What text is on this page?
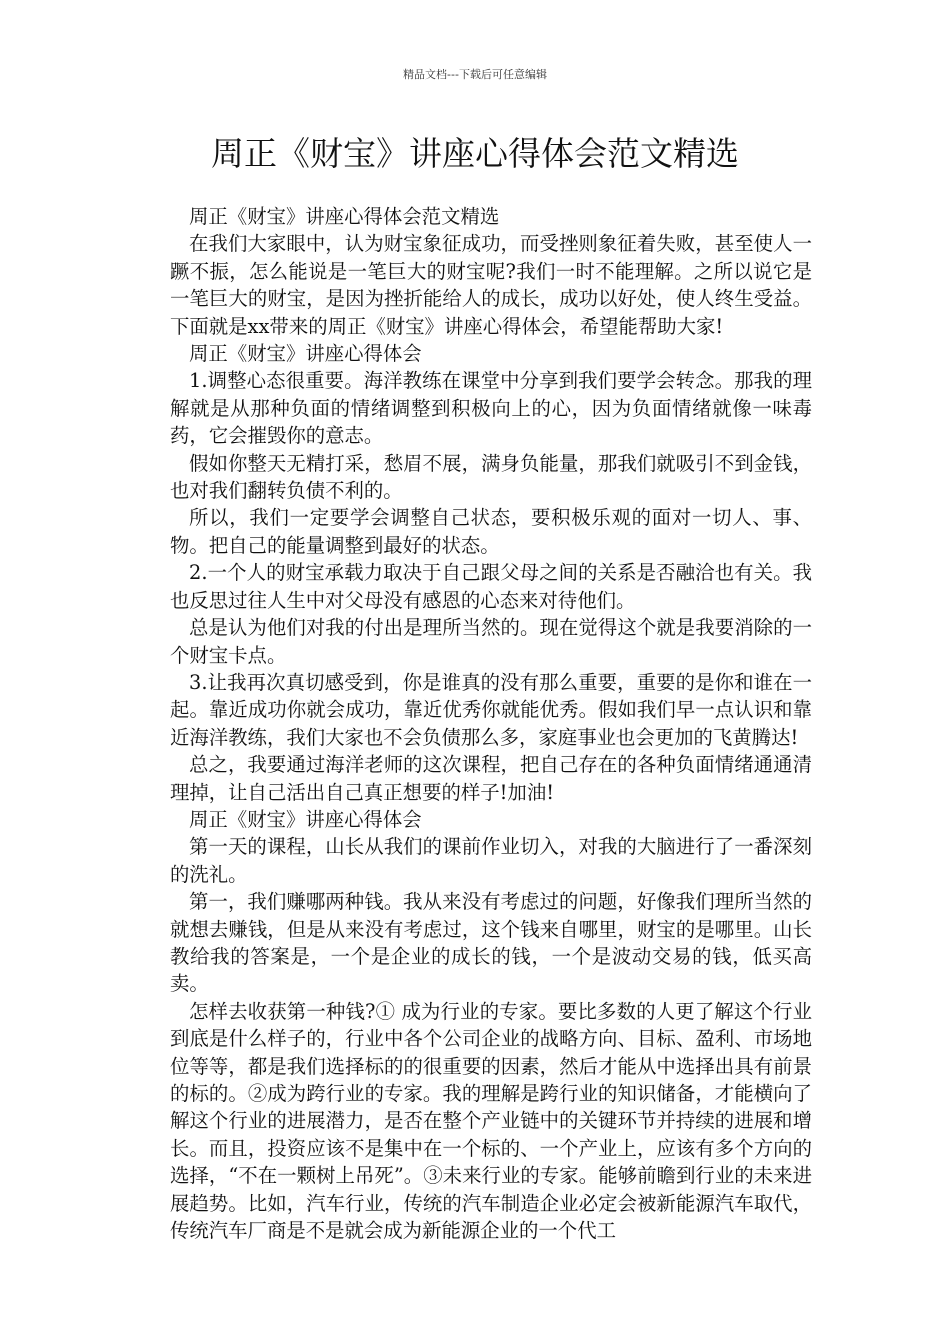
精品文档---下载后可任意编辑
周正《财宝》讲座心得体会范文精选

周正《财宝》讲座心得体会范文精选

在我们大家眼中，认为财宝象征成功，而受挫则象征着失败，甚至使人一蹶不振，怎么能说是一笔巨大的财宝呢?我们一时不能理解。之所以说它是一笔巨大的财宝，是因为挫折能给人的成长，成功以好处，使人终生受益。下面就是xx带来的周正《财宝》讲座心得体会，希望能帮助大家!

周正《财宝》讲座心得体会

1.调整心态很重要。海洋教练在课堂中分享到我们要学会转念。那我的理解就是从那种负面的情绪调整到积极向上的心，因为负面情绪就像一味毒药，它会摧毁你的意志。

假如你整天无精打采，愁眉不展，满身负能量，那我们就吸引不到金钱，也对我们翻转负债不利的。

所以，我们一定要学会调整自己状态，要积极乐观的面对一切人、事、物。把自己的能量调整到最好的状态。

2.一个人的财宝承载力取决于自己跟父母之间的关系是否融洽也有关。我也反思过往人生中对父母没有感恩的心态来对待他们。

总是认为他们对我的付出是理所当然的。现在觉得这个就是我要消除的一个财宝卡点。

3.让我再次真切感受到，你是谁真的没有那么重要，重要的是你和谁在一起。靠近成功你就会成功，靠近优秀你就能优秀。假如我们早一点认识和靠近海洋教练，我们大家也不会负债那么多，家庭事业也会更加的飞黄腾达!

总之，我要通过海洋老师的这次课程，把自己存在的各种负面情绪通通清理掉，让自己活出自己真正想要的样子!加油!

周正《财宝》讲座心得体会

第一天的课程，山长从我们的课前作业切入，对我的大脑进行了一番深刻的洗礼。

第一，我们赚哪两种钱。我从来没有考虑过的问题，好像我们理所当然的就想去赚钱，但是从来没有考虑过，这个钱来自哪里，财宝的是哪里。山长教给我的答案是，一个是企业的成长的钱，一个是波动交易的钱，低买高卖。

怎样去收获第一种钱?① 成为行业的专家。要比多数的人更了解这个行业到底是什么样子的，行业中各个公司企业的战略方向、目标、盈利、市场地位等等，都是我们选择标的的很重要的因素，然后才能从中选择出具有前景的标的。②成为跨行业的专家。我的理解是跨行业的知识储备，才能横向了解这个行业的进展潜力，是否在整个产业链中的关键环节并持续的进展和增长。而且，投资应该不是集中在一个标的、一个产业上，应该有多个方向的选择，“不在一颗树上吊死”。③未来行业的专家。能够前瞻到行业的未来进展趋势。比如，汽车行业，传统的汽车制造企业必定会被新能源汽车取代，传统汽车厂商是不是就会成为新能源企业的一个代工
